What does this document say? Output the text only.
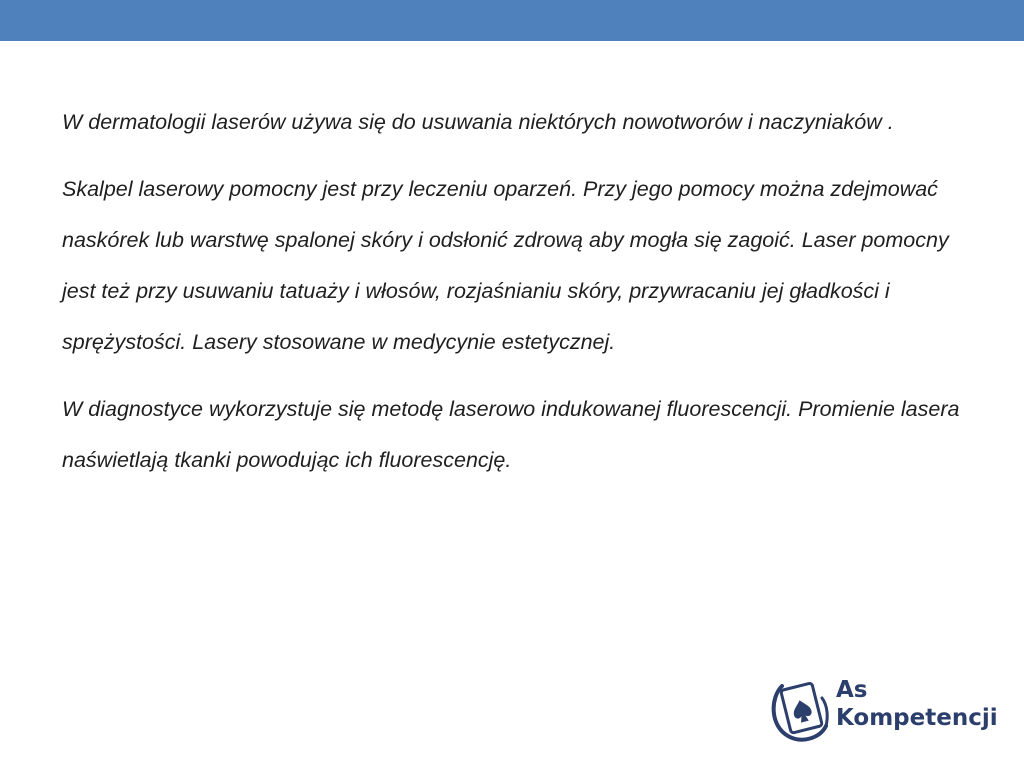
W dermatologii laserów używa się do usuwania niektórych nowotworów i naczyniaków .

Skalpel laserowy pomocny jest przy leczeniu oparzeń. Przy jego pomocy można zdejmować naskórek lub warstwę spalonej skóry i odsłonić zdrową aby mogła się zagoić. Laser pomocny jest też przy usuwaniu tatuaży i włosów, rozjaśnianiu skóry, przywracaniu jej gładkości i sprężystości. Lasery stosowane w medycynie estetycznej.

W diagnostyce wykorzystuje się metodę laserowo indukowanej fluorescencji. Promienie lasera naświetlają tkanki powodując ich fluorescencję.

As
Kompetencji
